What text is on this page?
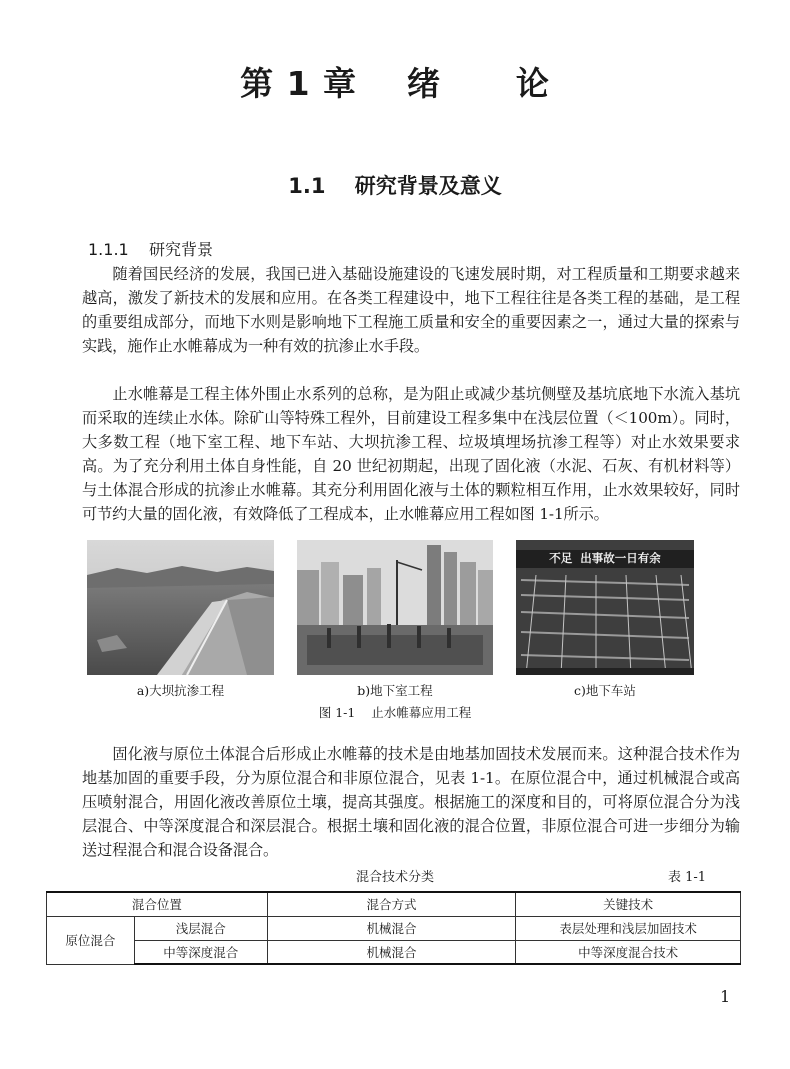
第 1 章    绪      论
1.1    研究背景及意义
1.1.1    研究背景

随着国民经济的发展，我国已进入基础设施建设的飞速发展时期，对工程质量和工期要求越来越高，激发了新技术的发展和应用。在各类工程建设中，地下工程往往是各类工程的基础，是工程的重要组成部分，而地下水则是影响地下工程施工质量和安全的重要因素之一，通过大量的探索与实践，施作止水帷幕成为一种有效的抗渗止水手段。

止水帷幕是工程主体外围止水系列的总称，是为阻止或减少基坑侧壁及基坑底地下水流入基坑而采取的连续止水体。除矿山等特殊工程外，目前建设工程多集中在浅层位置（＜100m）。同时，大多数工程（地下室工程、地下车站、大坝抗渗工程、垃圾填埋场抗渗工程等）对止水效果要求高。为了充分利用土体自身性能，自 20 世纪初期起，出现了固化液（水泥、石灰、有机材料等）与土体混合形成的抗渗止水帷幕。其充分利用固化液与土体的颗粒相互作用，止水效果较好，同时可节约大量的固化液，有效降低了工程成本，止水帷幕应用工程如图 1-1所示。

不足  出事故一日有余
a)大坝抗渗工程	b)地下室工程	c)地下车站
图 1-1    止水帷幕应用工程

固化液与原位土体混合后形成止水帷幕的技术是由地基加固技术发展而来。这种混合技术作为地基加固的重要手段，分为原位混合和非原位混合，见表 1-1。在原位混合中，通过机械混合或高压喷射混合，用固化液改善原位土壤，提高其强度。根据施工的深度和目的，可将原位混合分为浅层混合、中等深度混合和深层混合。根据土壤和固化液的混合位置，非原位混合可进一步细分为输送过程混合和混合设备混合。

混合技术分类	表 1-1
混合位置		混合方式	关键技术
原位混合	浅层混合	机械混合	表层处理和浅层加固技术
	中等深度混合	机械混合	中等深度混合技术
1
